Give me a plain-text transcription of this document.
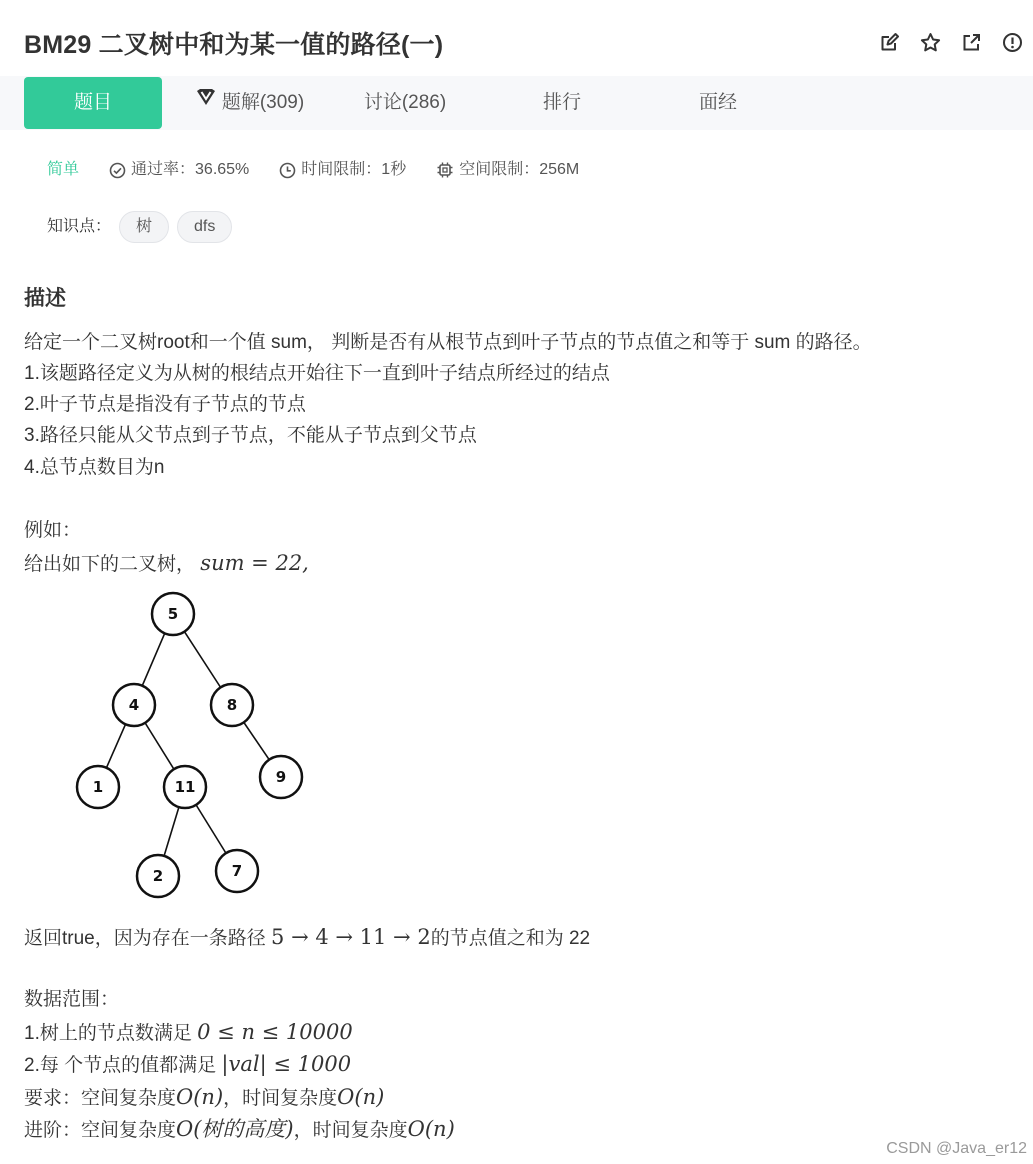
BM29 二叉树中和为某一值的路径(一)
题目	题解(309)	讨论(286)	排行	面经
简单	通过率：36.65%	时间限制：1秒	空间限制：256M
知识点：	树	dfs
描述
给定一个二叉树root和一个值 sum， 判断是否有从根节点到叶子节点的节点值之和等于 sum 的路径。
1.该题路径定义为从树的根结点开始往下一直到叶子结点所经过的结点
2.叶子节点是指没有子节点的节点
3.路径只能从父节点到子节点，不能从子节点到父节点
4.总节点数目为n
例如：
给出如下的二叉树， sum = 22,
5
4	8
1	11
9
2	7
返回true，因为存在一条路径 5 → 4 → 11 → 2的节点值之和为 22
数据范围：
1.树上的节点数满足 0 ≤ n ≤ 10000
2.每 个节点的值都满足 |val| ≤ 1000
要求：空间复杂度O(n)，时间复杂度O(n)
进阶：空间复杂度O(树的高度)，时间复杂度O(n)
CSDN @Java_er12
